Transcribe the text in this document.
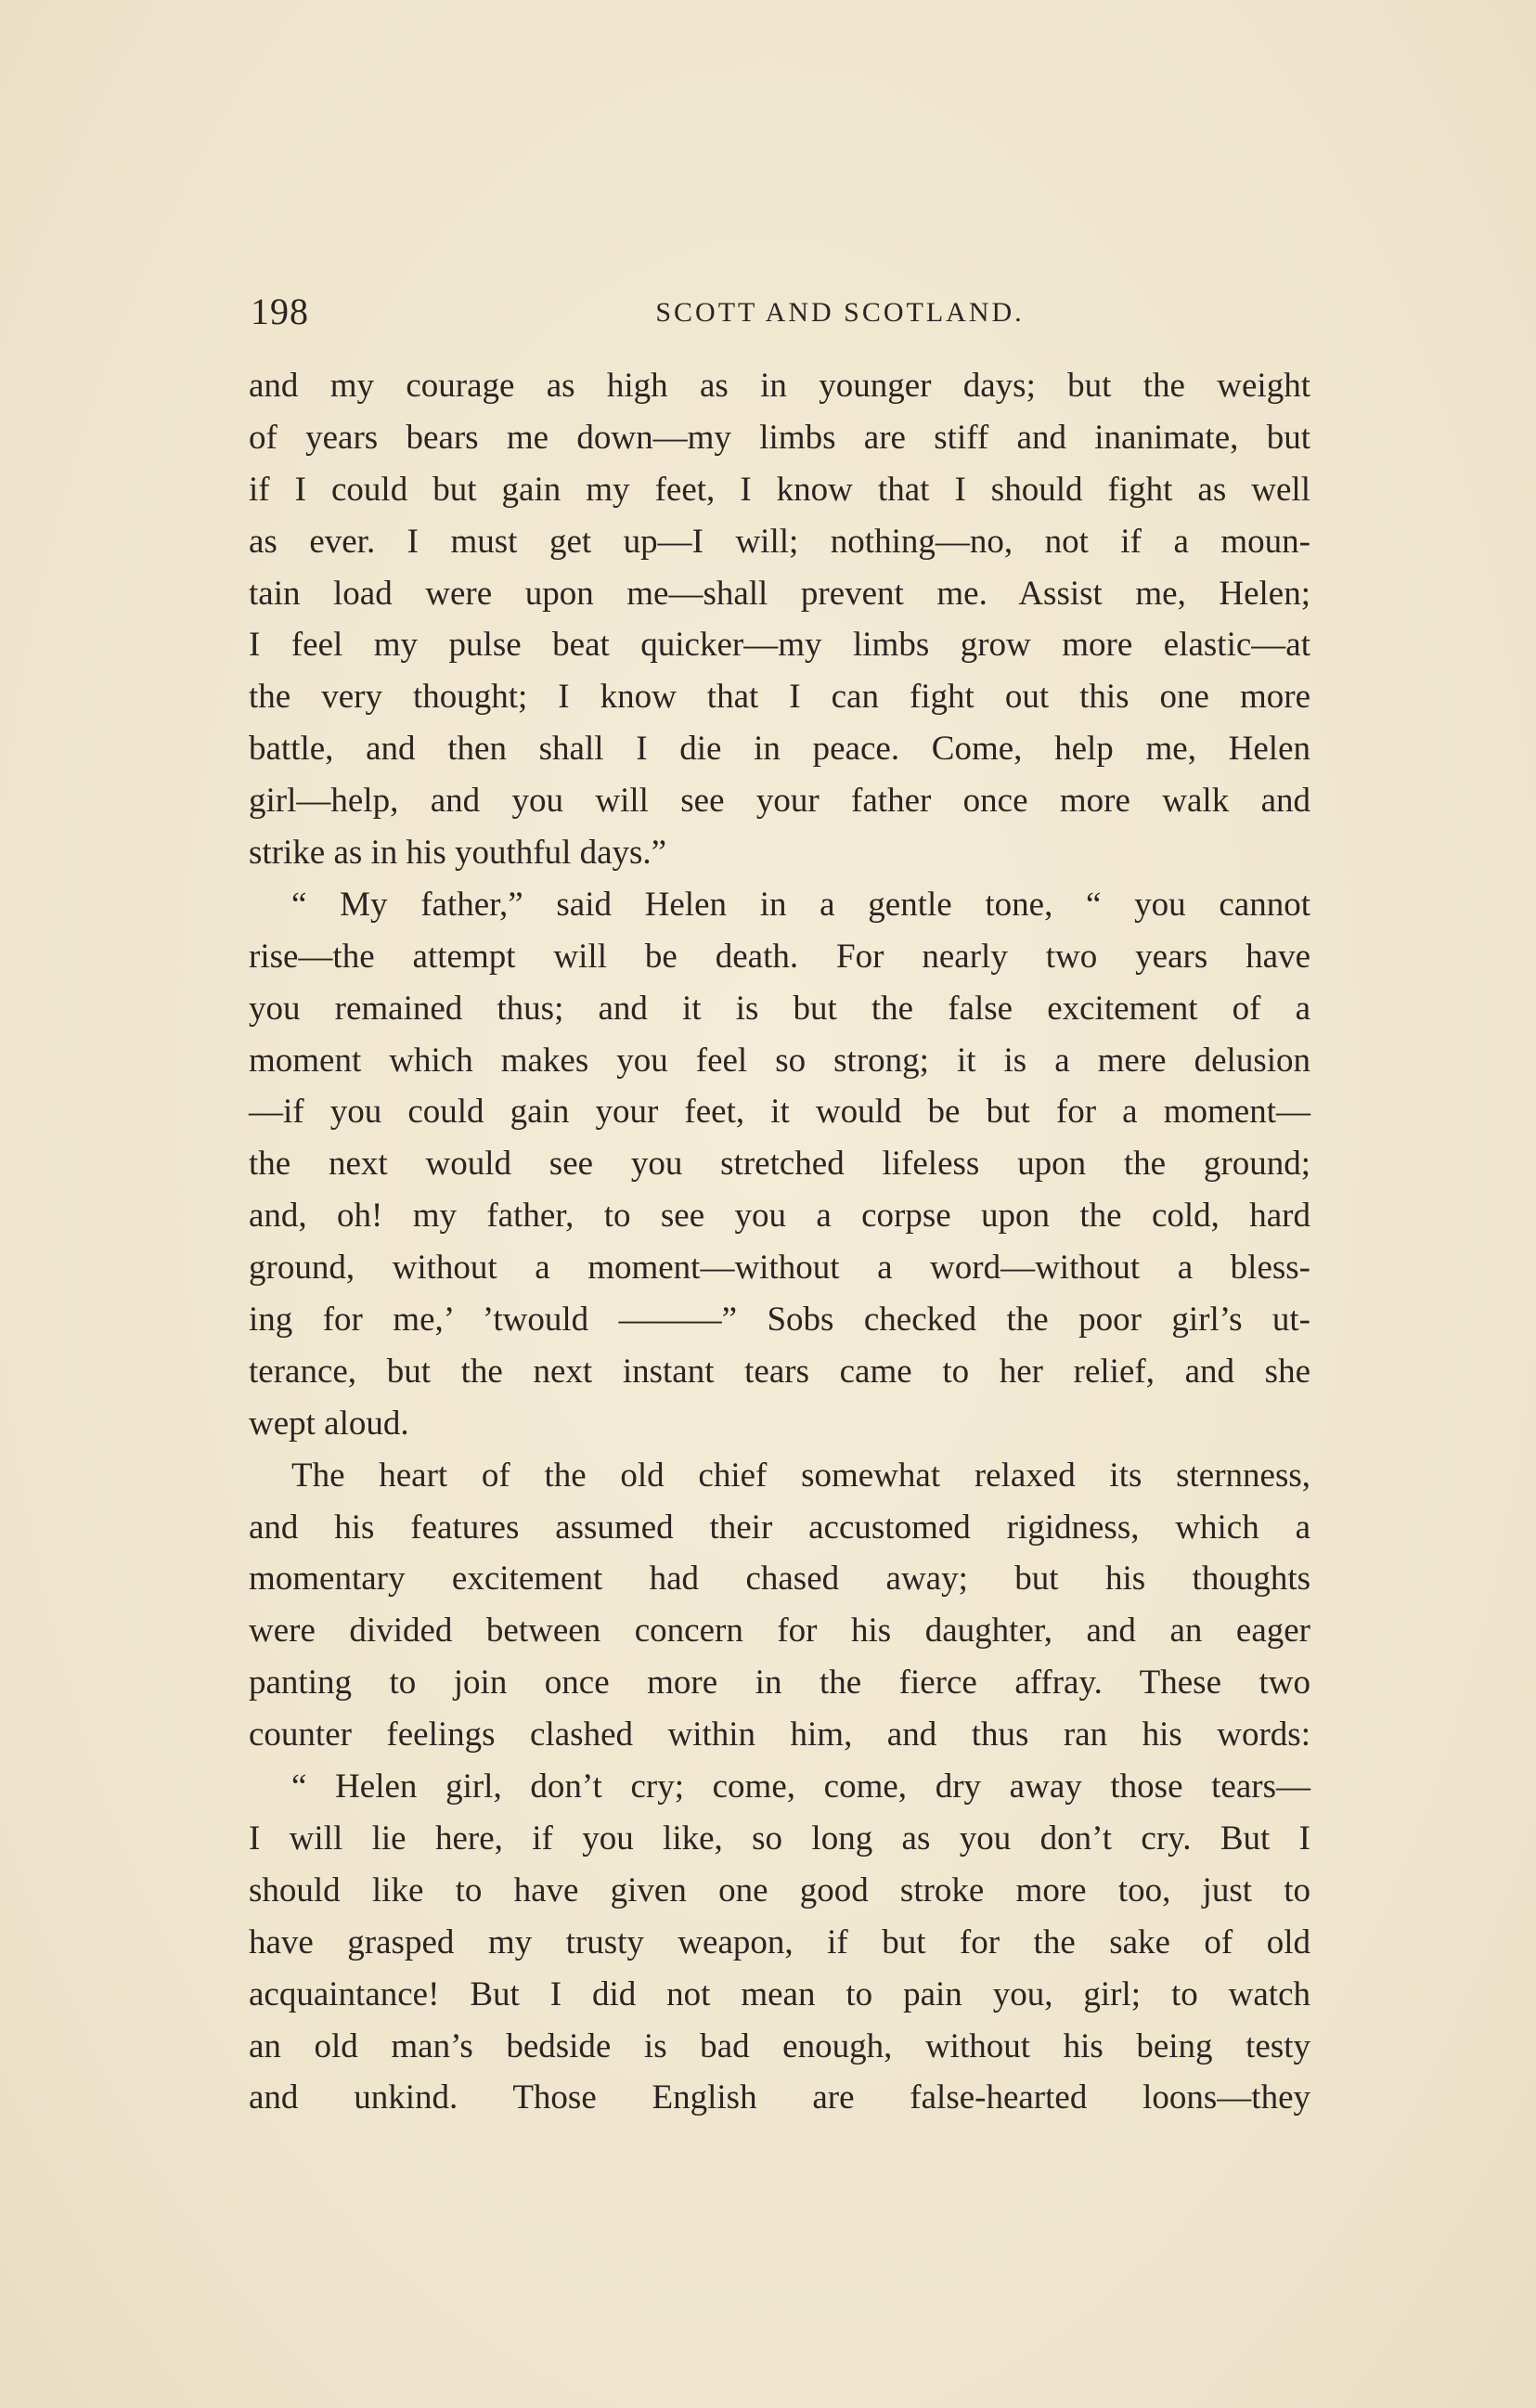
198	SCOTT AND SCOTLAND.
and my courage as high as in younger days; but the weight
of years bears me down—my limbs are stiff and inanimate, but
if I could but gain my feet, I know that I should fight as well
as ever. I must get up—I will; nothing—no, not if a moun-
tain load were upon me—shall prevent me. Assist me, Helen;
I feel my pulse beat quicker—my limbs grow more elastic—at
the very thought; I know that I can fight out this one more
battle, and then shall I die in peace. Come, help me, Helen
girl—help, and you will see your father once more walk and
strike as in his youthful days.”
“ My father,” said Helen in a gentle tone, “ you cannot
rise—the attempt will be death. For nearly two years have
you remained thus; and it is but the false excitement of a
moment which makes you feel so strong; it is a mere delusion
—if you could gain your feet, it would be but for a moment—
the next would see you stretched lifeless upon the ground;
and, oh! my father, to see you a corpse upon the cold, hard
ground, without a moment—without a word—without a bless-
ing for me,’ ’twould ———” Sobs checked the poor girl’s ut-
terance, but the next instant tears came to her relief, and she
wept aloud.
The heart of the old chief somewhat relaxed its sternness,
and his features assumed their accustomed rigidness, which a
momentary excitement had chased away; but his thoughts
were divided between concern for his daughter, and an eager
panting to join once more in the fierce affray. These two
counter feelings clashed within him, and thus ran his words:
“ Helen girl, don’t cry; come, come, dry away those tears—
I will lie here, if you like, so long as you don’t cry. But I
should like to have given one good stroke more too, just to
have grasped my trusty weapon, if but for the sake of old
acquaintance! But I did not mean to pain you, girl; to watch
an old man’s bedside is bad enough, without his being testy
and unkind. Those English are false-hearted loons—they
